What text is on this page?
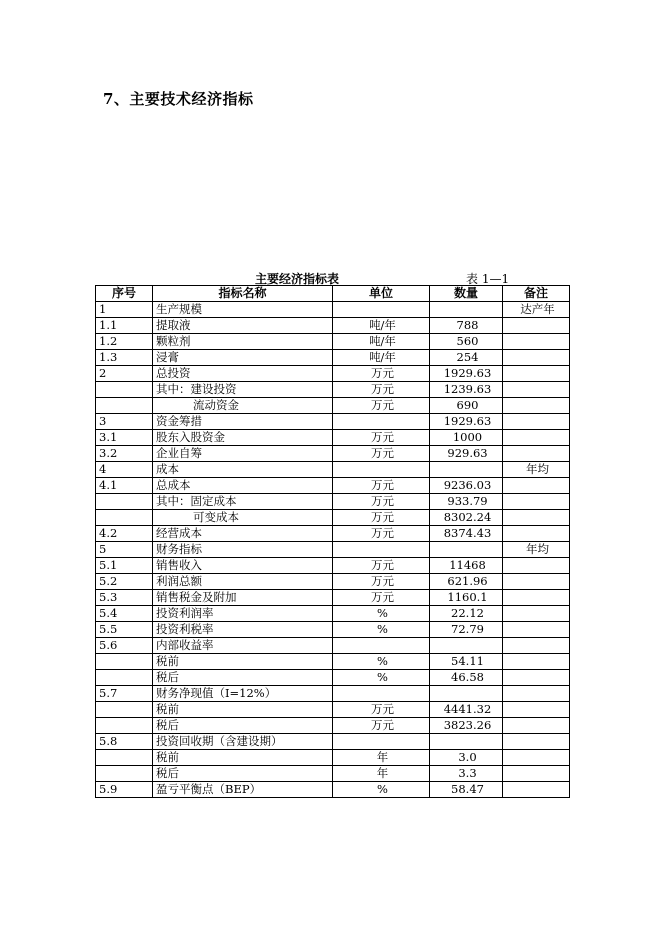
7、主要技术经济指标
主要经济指标表	表 1—1
序号	指标名称	单位	数量	备注
1	生产规模			达产年
1.1	提取液	吨/年	788	
1.2	颗粒剂	吨/年	560	
1.3	浸膏	吨/年	254	
2	总投资	万元	1929.63	
	其中：建设投资	万元	1239.63	
	流动资金	万元	690	
3	资金筹措		1929.63	
3.1	股东入股资金	万元	1000	
3.2	企业自筹	万元	929.63	
4	成本			年均
4.1	总成本	万元	9236.03	
	其中：固定成本	万元	933.79	
	可变成本	万元	8302.24	
4.2	经营成本	万元	8374.43	
5	财务指标			年均
5.1	销售收入	万元	11468	
5.2	利润总额	万元	621.96	
5.3	销售税金及附加	万元	1160.1	
5.4	投资利润率	%	22.12	
5.5	投资利税率	%	72.79	
5.6	内部收益率			
	税前	%	54.11	
	税后	%	46.58	
5.7	财务净现值（I=12%）			
	税前	万元	4441.32	
	税后	万元	3823.26	
5.8	投资回收期（含建设期）			
	税前	年	3.0	
	税后	年	3.3	
5.9	盈亏平衡点（BEP）	%	58.47	
